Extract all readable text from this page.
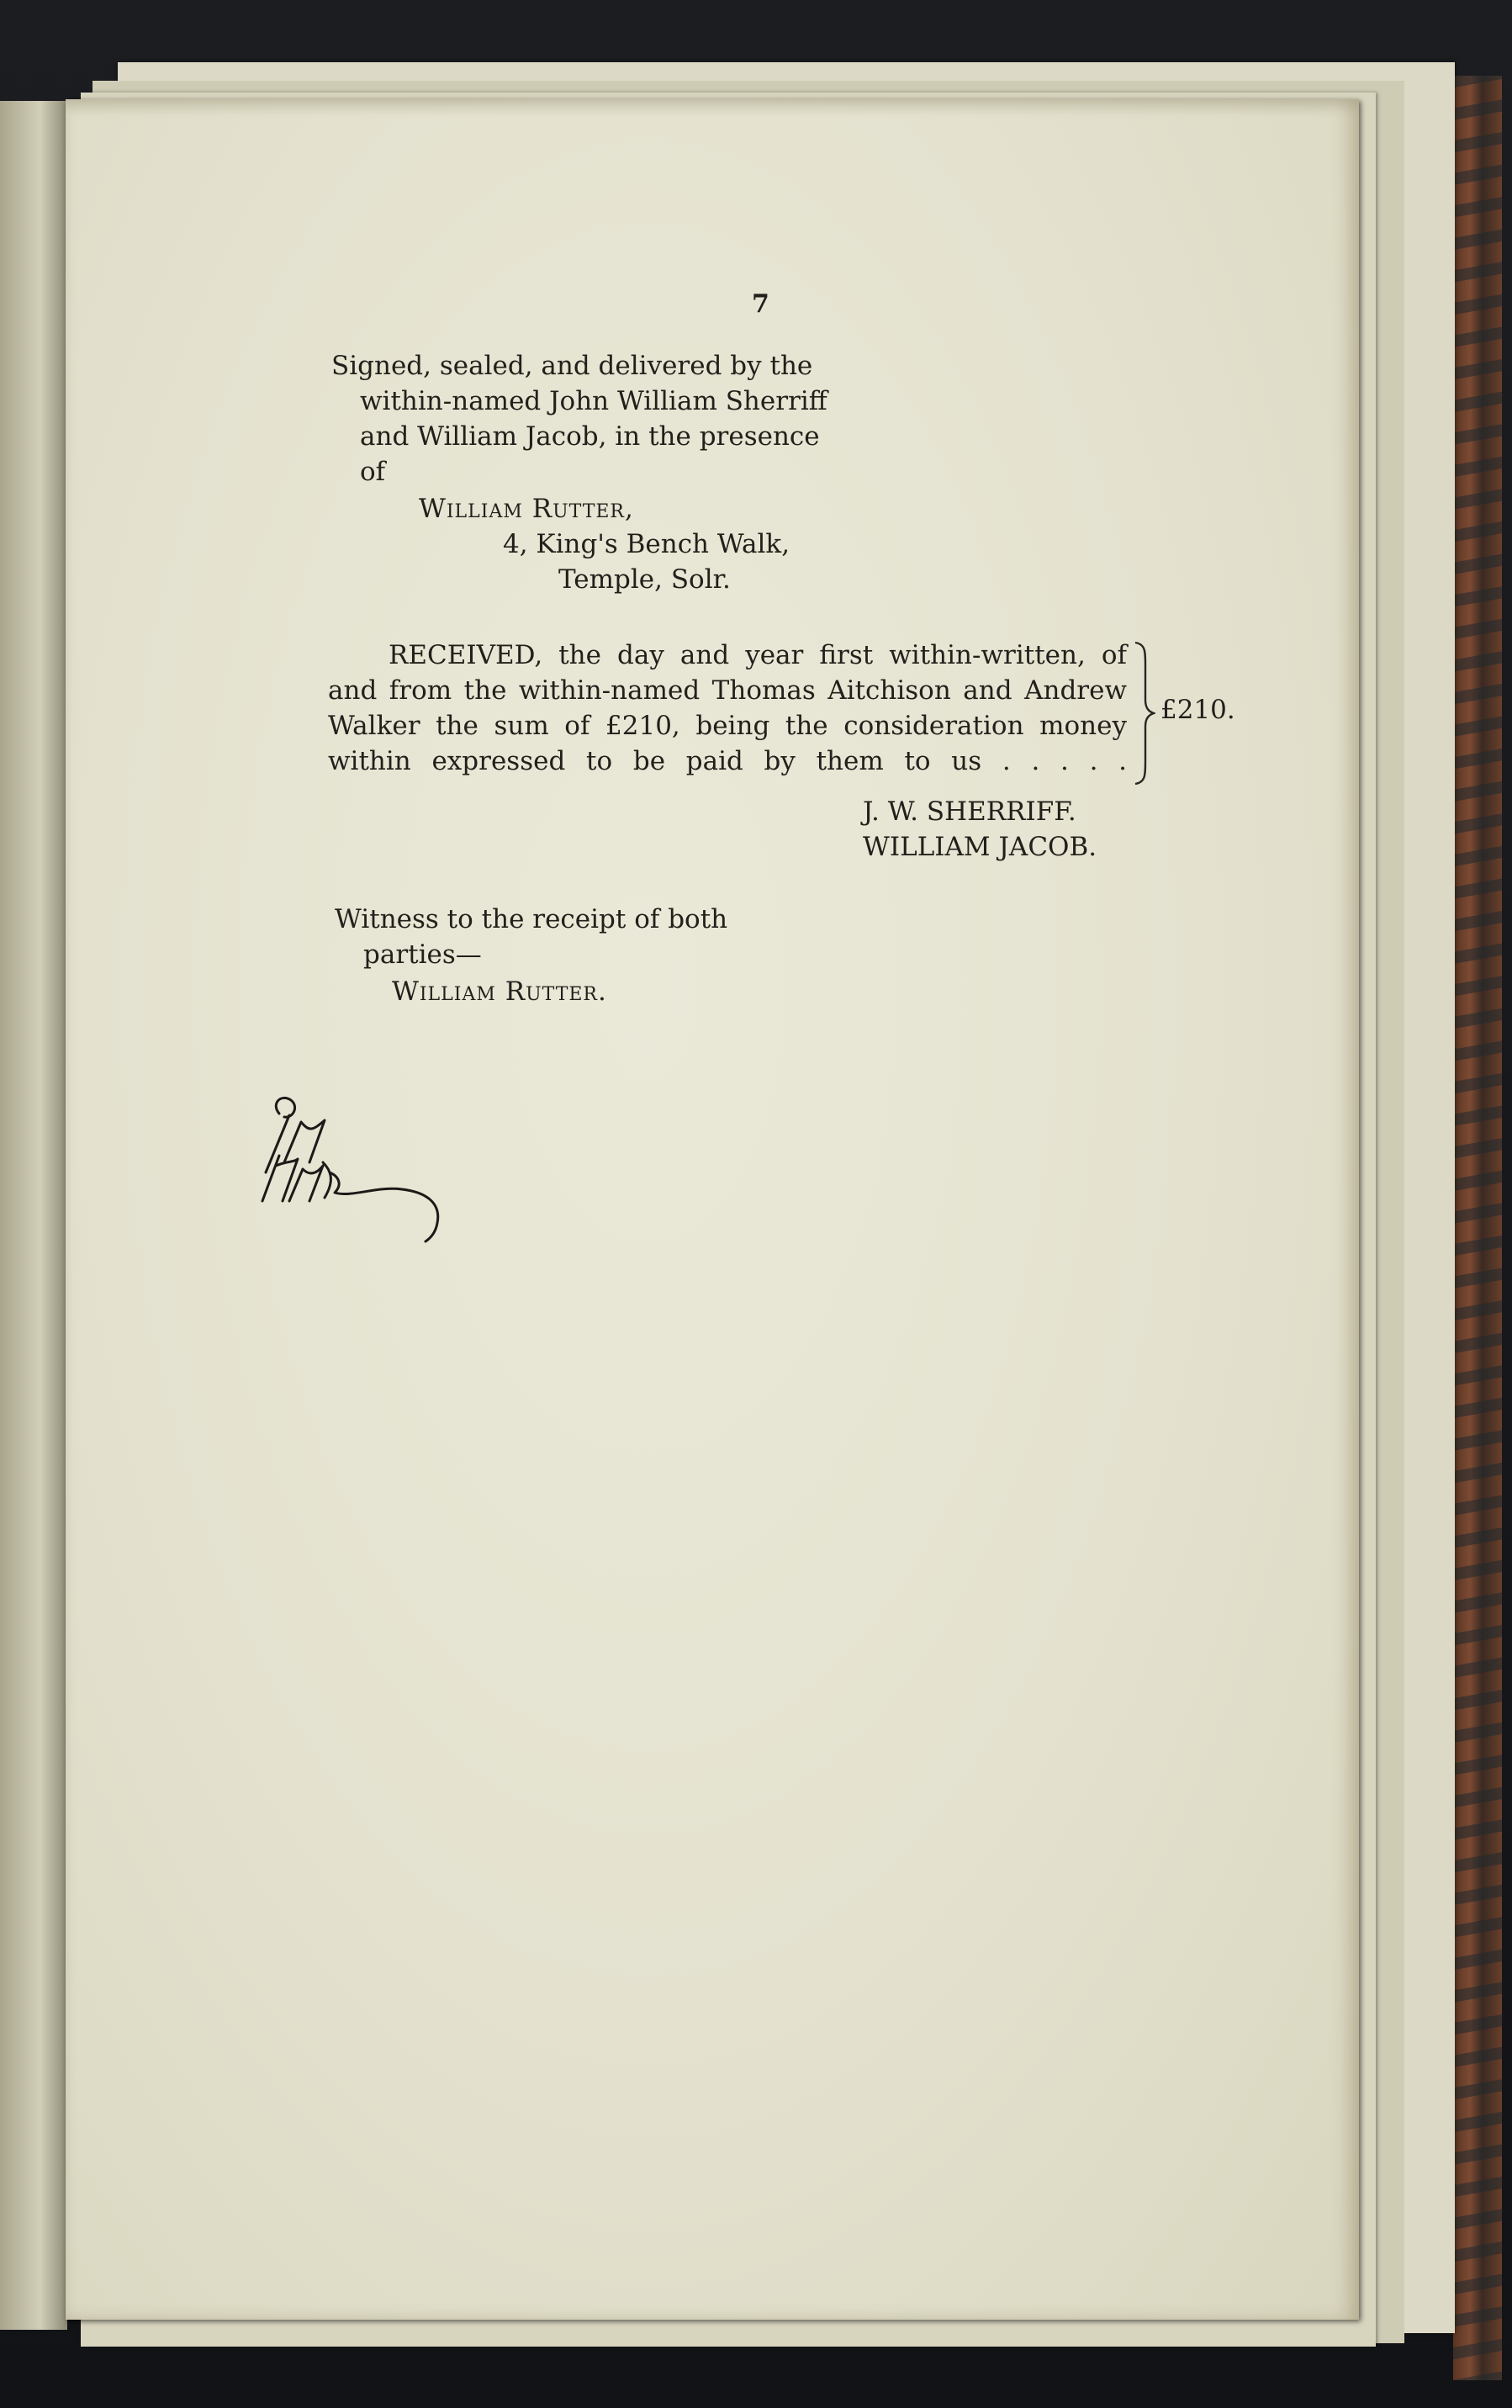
7
Signed, sealed, and delivered by the
within-named John William Sherriff
and William Jacob, in the presence
of
William Rutter,
4, King's Bench Walk,
Temple, Solr.
RECEIVED, the day and year first within-written, of
and from the within-named Thomas Aitchison and Andrew
Walker the sum of £210, being the consideration money
within expressed to be paid by them to us . . . . .
£210.
J. W. SHERRIFF.
WILLIAM JACOB.
Witness to the receipt of both
parties—
William Rutter.
